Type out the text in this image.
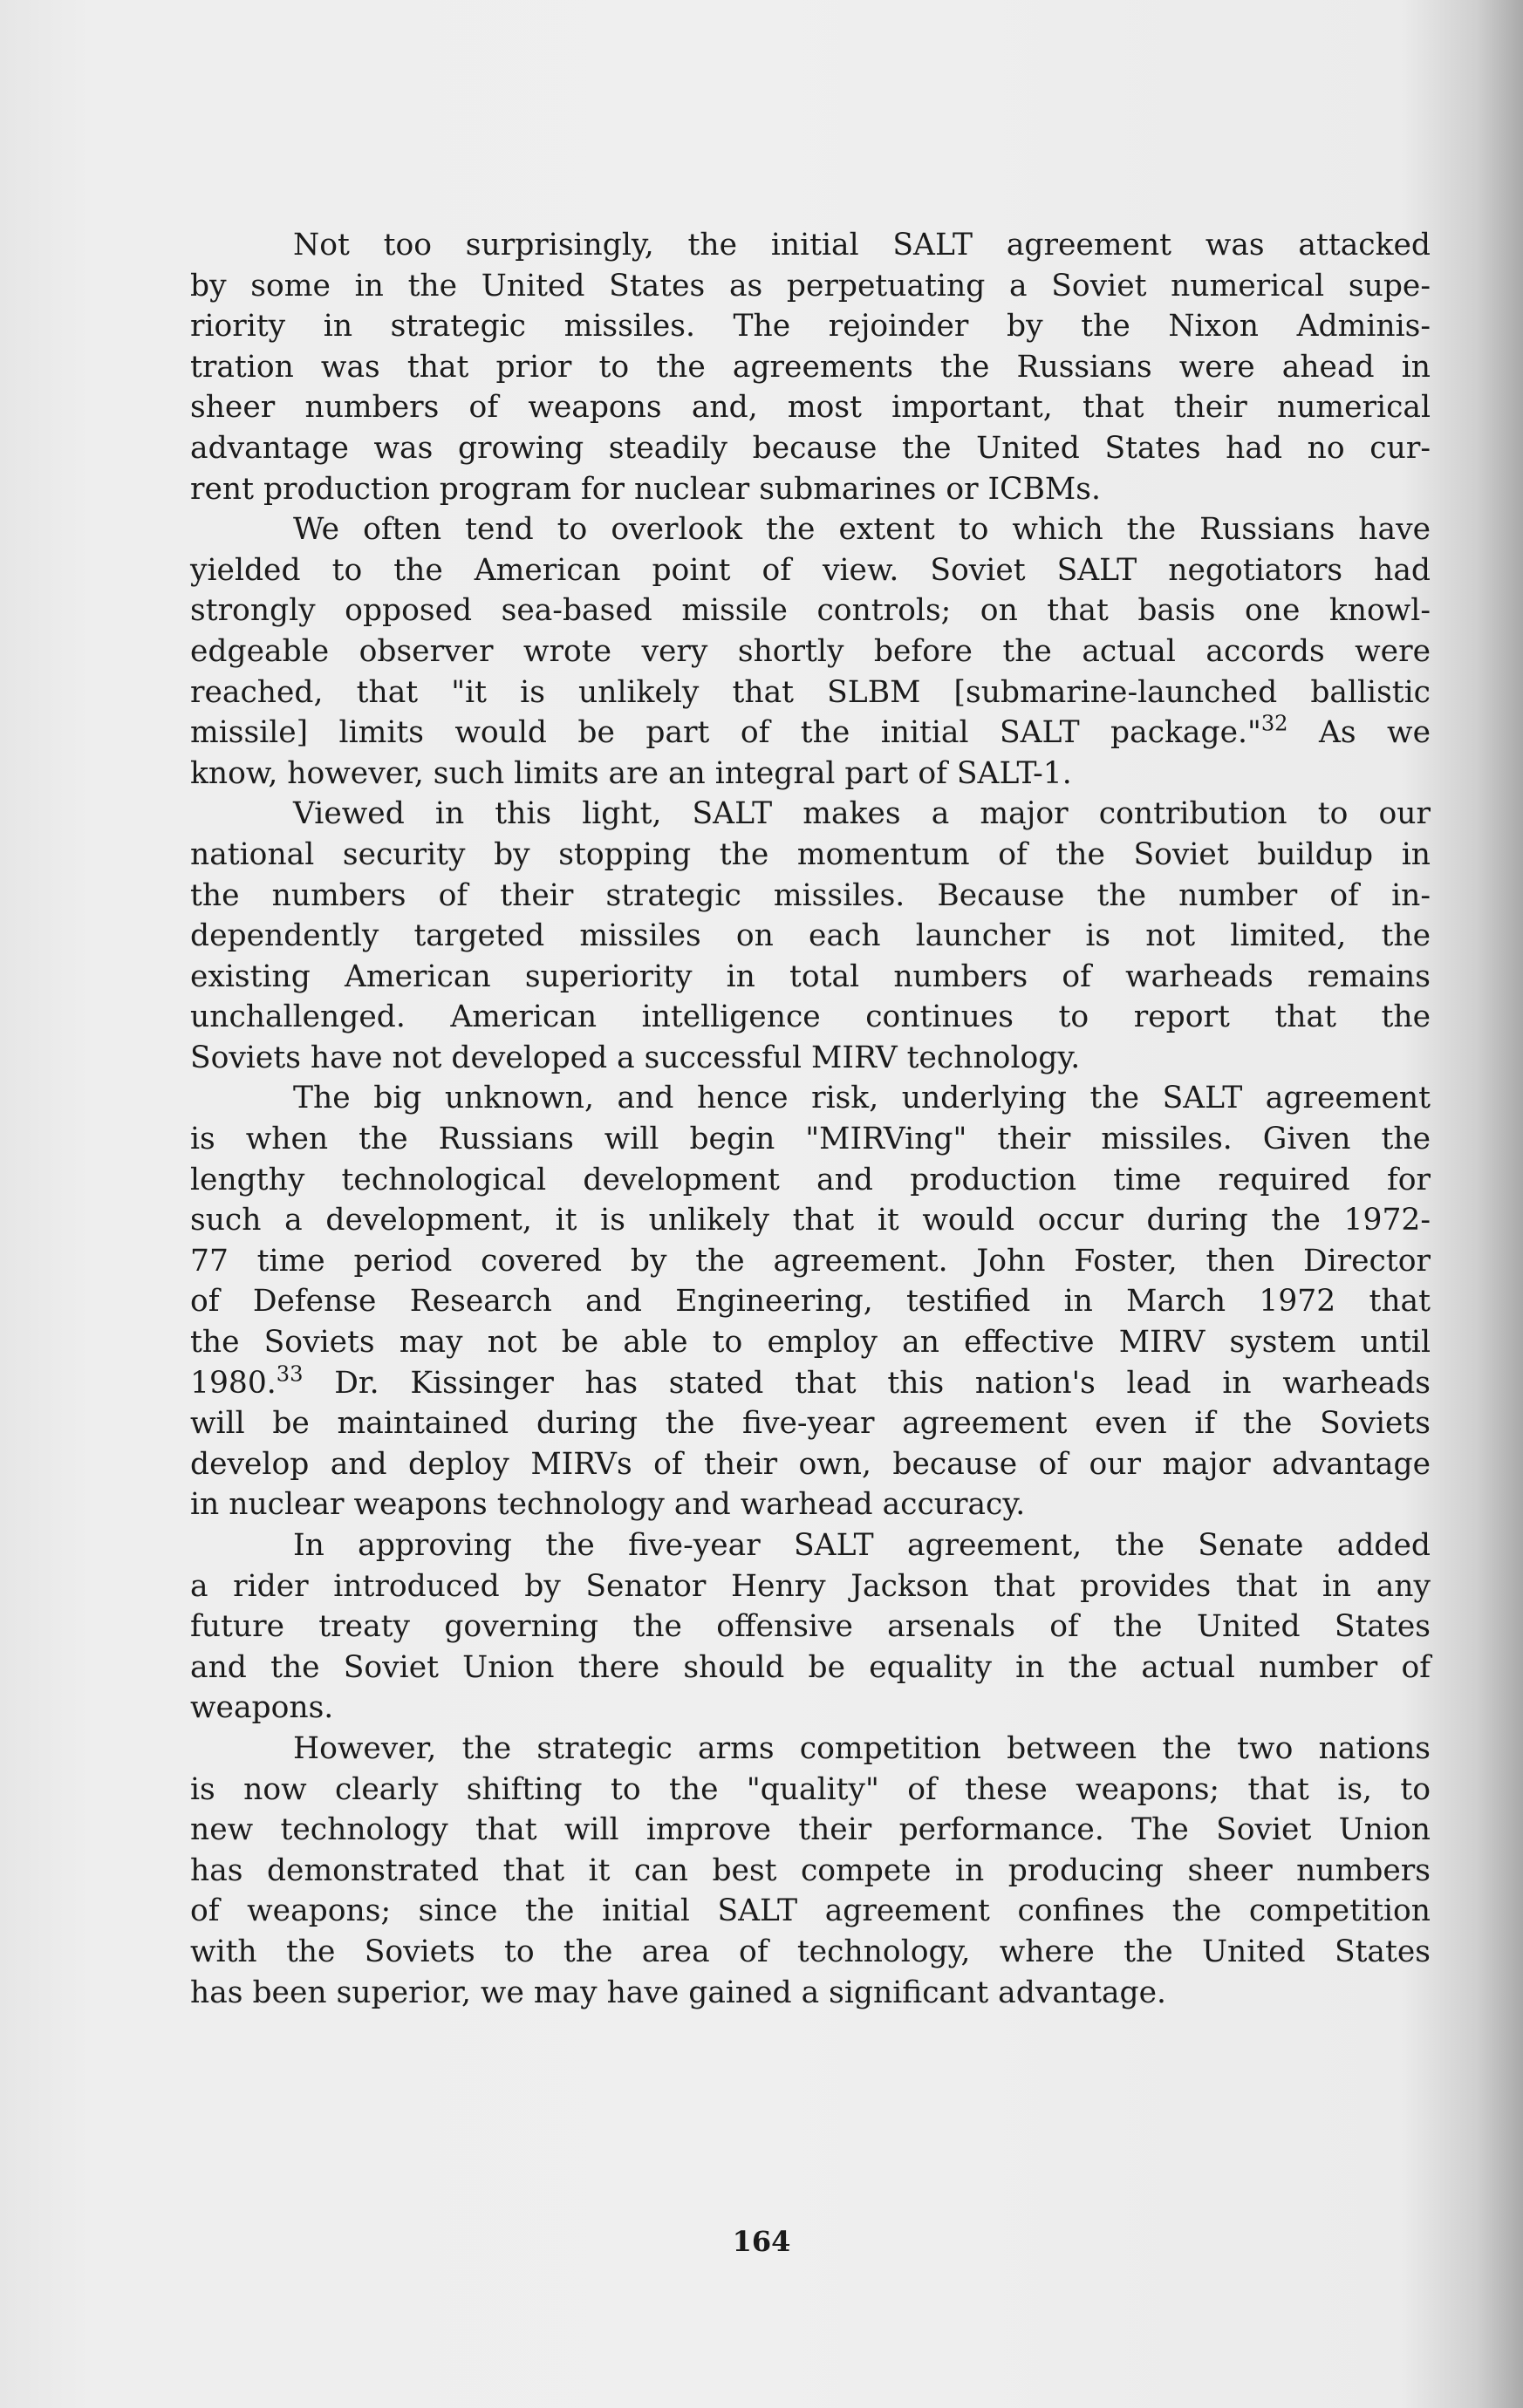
Not too surprisingly, the initial SALT agreement was attacked
by some in the United States as perpetuating a Soviet numerical supe-
riority in strategic missiles. The rejoinder by the Nixon Adminis-
tration was that prior to the agreements the Russians were ahead in
sheer numbers of weapons and, most important, that their numerical
advantage was growing steadily because the United States had no cur-
rent production program for nuclear submarines or ICBMs.
We often tend to overlook the extent to which the Russians have
yielded to the American point of view. Soviet SALT negotiators had
strongly opposed sea-based missile controls; on that basis one knowl-
edgeable observer wrote very shortly before the actual accords were
reached, that "it is unlikely that SLBM [submarine-launched ballistic
missile] limits would be part of the initial SALT package."$^{32}$ As we
know, however, such limits are an integral part of SALT-1.
Viewed in this light, SALT makes a major contribution to our
national security by stopping the momentum of the Soviet buildup in
the numbers of their strategic missiles. Because the number of in-
dependently targeted missiles on each launcher is not limited, the
existing American superiority in total numbers of warheads remains
unchallenged. American intelligence continues to report that the
Soviets have not developed a successful MIRV technology.
The big unknown, and hence risk, underlying the SALT agreement
is when the Russians will begin "MIRVing" their missiles. Given the
lengthy technological development and production time required for
such a development, it is unlikely that it would occur during the 1972-
77 time period covered by the agreement. John Foster, then Director
of Defense Research and Engineering, testified in March 1972 that
the Soviets may not be able to employ an effective MIRV system until
1980.33 Dr. Kissinger has stated that this nation's lead in warheads
will be maintained during the five-year agreement even if the Soviets
develop and deploy MIRVs of their own, because of our major advantage
in nuclear weapons technology and warhead accuracy.
In approving the five-year SALT agreement, the Senate added
a rider introduced by Senator Henry Jackson that provides that in any
future treaty governing the offensive arsenals of the United States
and the Soviet Union there should be equality in the actual number of
weapons.
However, the strategic arms competition between the two nations
is now clearly shifting to the "quality" of these weapons; that is, to
new technology that will improve their performance. The Soviet Union
has demonstrated that it can best compete in producing sheer numbers
of weapons; since the initial SALT agreement confines the competition
with the Soviets to the area of technology, where the United States
has been superior, we may have gained a significant advantage.
164
